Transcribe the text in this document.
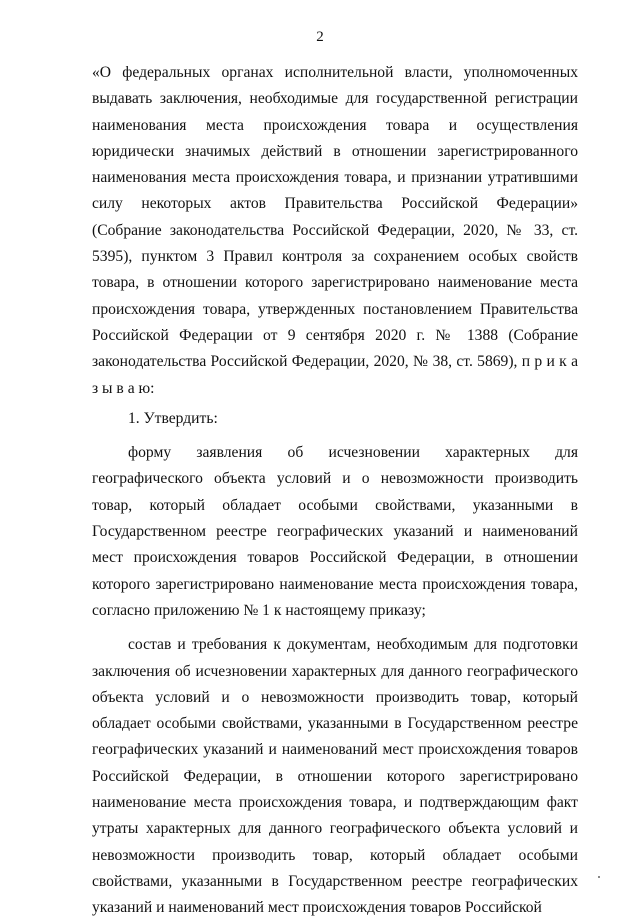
2

«О федеральных органах исполнительной власти, уполномоченных выдавать заключения, необходимые для государственной регистрации наименования места происхождения товара и осуществления юридически значимых действий в отношении зарегистрированного наименования места происхождения товара, и признании утратившими силу некоторых актов Правительства Российской Федерации» (Собрание законодательства Российской Федерации, 2020, № 33, ст. 5395), пунктом 3 Правил контроля за сохранением особых свойств товара, в отношении которого зарегистрировано наименование места происхождения товара, утвержденных постановлением Правительства Российской Федерации от 9 сентября 2020 г. № 1388 (Собрание законодательства Российской Федерации, 2020, № 38, ст. 5869), п р и к а з ы в а ю:

1. Утвердить:

форму заявления об исчезновении характерных для географического объекта условий и о невозможности производить товар, который обладает особыми свойствами, указанными в Государственном реестре географических указаний и наименований мест происхождения товаров Российской Федерации, в отношении которого зарегистрировано наименование места происхождения товара, согласно приложению № 1 к настоящему приказу;

состав и требования к документам, необходимым для подготовки заключения об исчезновении характерных для данного географического объекта условий и о невозможности производить товар, который обладает особыми свойствами, указанными в Государственном реестре географических указаний и наименований мест происхождения товаров Российской Федерации, в отношении которого зарегистрировано наименование места происхождения товара, и подтверждающим факт утраты характерных для данного географического объекта условий и невозможности производить товар, который обладает особыми свойствами, указанными в Государственном реестре географических указаний и наименований мест происхождения товаров Российской
